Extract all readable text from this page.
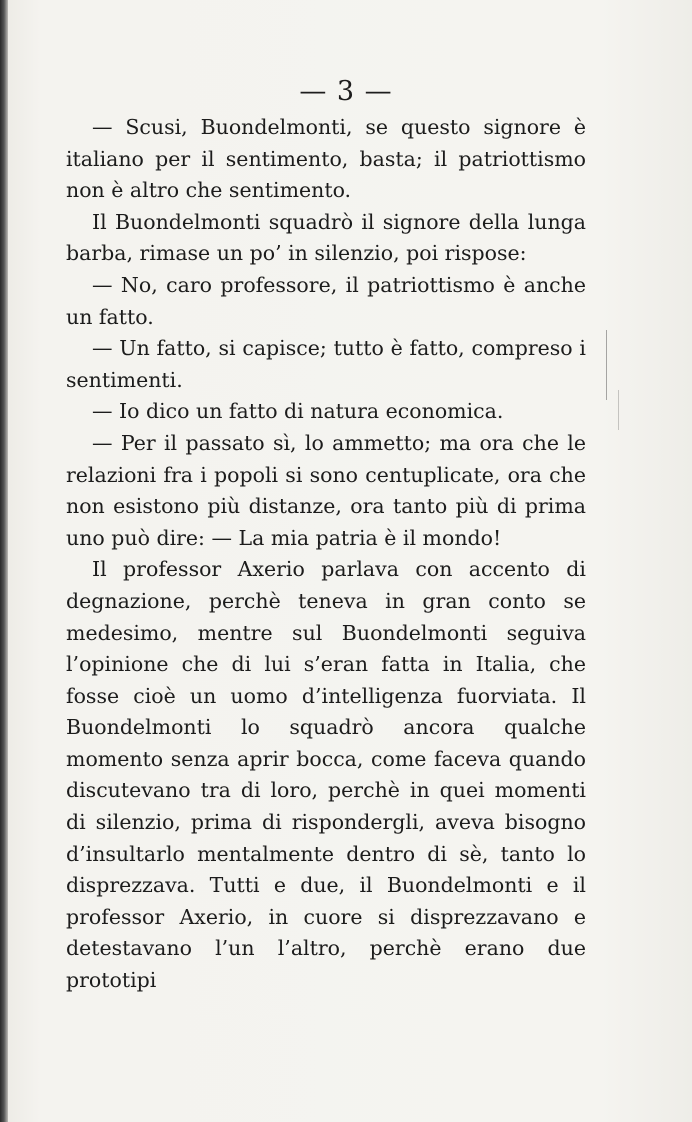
— 3 —

— Scusi, Buondelmonti, se questo signore è italiano per il sentimento, basta; il patriottismo non è altro che sentimento.

Il Buondelmonti squadrò il signore della lunga barba, rimase un po’ in silenzio, poi rispose:

— No, caro professore, il patriottismo è anche un fatto.

— Un fatto, si capisce; tutto è fatto, compreso i sentimenti.

— Io dico un fatto di natura economica.

— Per il passato sì, lo ammetto; ma ora che le relazioni fra i popoli si sono centuplicate, ora che non esistono più distanze, ora tanto più di prima uno può dire: — La mia patria è il mondo!

Il professor Axerio parlava con accento di degnazione, perchè teneva in gran conto se medesimo, mentre sul Buondelmonti seguiva l’opinione che di lui s’eran fatta in Italia, che fosse cioè un uomo d’intelligenza fuorviata. Il Buondelmonti lo squadrò ancora qualche momento senza aprir bocca, come faceva quando discutevano tra di loro, perchè in quei momenti di silenzio, prima di rispondergli, aveva bisogno d’insultarlo mentalmente dentro di sè, tanto lo disprezzava. Tutti e due, il Buondelmonti e il professor Axerio, in cuore si disprezzavano e detestavano l’un l’altro, perchè erano due prototipi
